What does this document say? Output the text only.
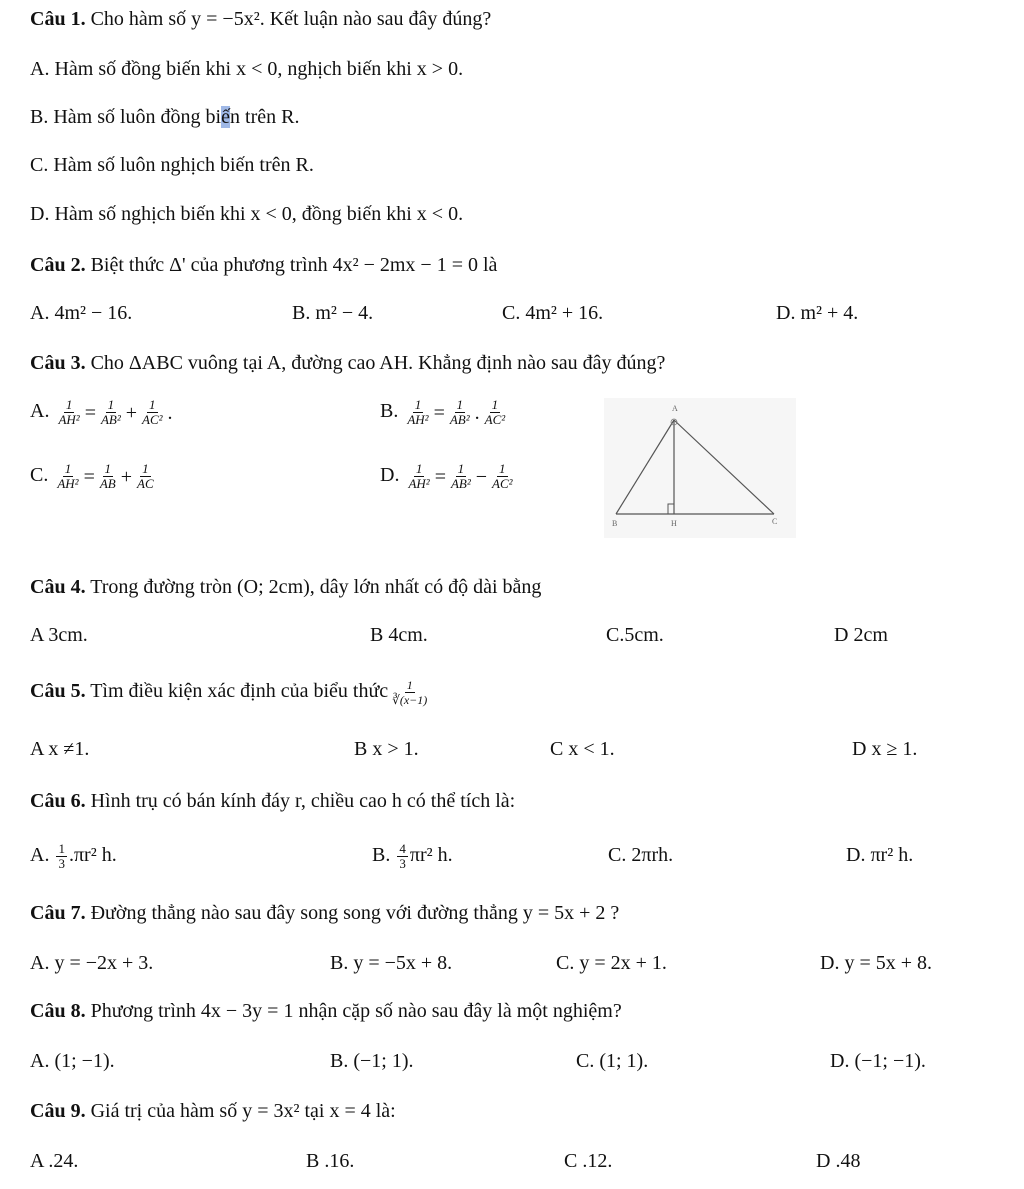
Câu 1. Cho hàm số y = −5x². Kết luận nào sau đây đúng?
A. Hàm số đồng biến khi x < 0, nghịch biến khi x > 0.
B. Hàm số luôn đồng biến trên R.
C. Hàm số luôn nghịch biến trên R.
D. Hàm số nghịch biến khi x < 0, đồng biến khi x < 0.
Câu 2. Biệt thức Δ' của phương trình 4x² − 2mx − 1 = 0 là
A. 4m² − 16.	B. m² − 4.	C. 4m² + 16.	D. m² + 4.
Câu 3. Cho ΔABC vuông tại A, đường cao AH. Khẳng định nào sau đây đúng?
A. $\frac{1}{\text{AH²}} = \frac{1}{\text{AB²}} + \frac{1}{\text{AC²}}$ .	B. $\frac{1}{\text{AH²}} = \frac{1}{\text{AB²}}$ . $\frac{1}{\text{AC²}}$
C. $\frac{1}{\text{AH²}} = \frac{1}{AB} + \frac{1}{AC}$	D. $\frac{1}{\text{AH²}} = \frac{1}{\text{AB²}} - \frac{1}{\text{AC²}}$
A
B	H	C
Câu 4. Trong đường tròn (O; 2cm), dây lớn nhất có độ dài bằng
A 3cm.	B 4cm.	C.5cm.	D 2cm
Câu 5. Tìm điều kiện xác định của biểu thức $\frac{1}{∛(x-1)}$
A x ≠1.	B x > 1.	C x < 1.	D x ≥ 1.
Câu 6. Hình trụ có bán kính đáy r, chiều cao h có thể tích là:
A. $\frac{1}{3} .\pi r^2$ h.	B. $\frac{4}{3} \pi r^2$ h.	C. 2πrh.	D. πr² h.
Câu 7. Đường thẳng nào sau đây song song với đường thẳng y = 5x + 2 ?
A. y = −2x + 3.	B. y = −5x + 8.	C. y = 2x + 1.	D. y = 5x + 8.
Câu 8. Phương trình 4x − 3y = 1 nhận cặp số nào sau đây là một nghiệm?
A. (1; −1).	B. (−1; 1).	C. (1; 1).	D. (−1; −1).
Câu 9. Giá trị của hàm số y = 3x² tại x = 4 là:
A .24.	B .16.	C .12.	D .48
